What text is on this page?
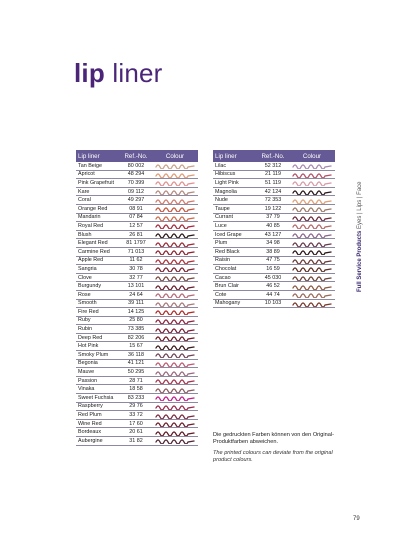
lip liner
Lip liner	Ref.-No.	Colour
Tan Beige	80 002
Apricot	48 294
Pink Grapefruit	70 399
Kare	09 112
Coral	49 297
Orange Red	08 91
Mandarin	07 84
Royal Red	12 57
Blush	26 81
Elegant Red	81 1797
Carmine Red	71 013
Apple Red	11 62
Sangria	30 78
Clove	32 77
Burgundy	13 101
Rose	24 64
Smooth	39 111
Fire Red	14 125
Ruby	25 80
Rubin	73 385
Deep Red	82 206
Hot Pink	15 67
Smoky Plum	36 118
Begonia	41 121
Mauve	50 295
Passion	28 71
Vinaka	18 58
Sweet Fuchsia	83 233
Raspberry	29 76
Red Plum	33 72
Wine Red	17 60
Bordeaux	20 61
Aubergine	31 82
Lip liner	Ref.-No.	Colour
Lilac	52 312
Hibiscus	21 119
Light Pink	51 119
Magnolia	42 124
Nude	72 353
Taupe	19 122
Currant	37 79
Luce	40 85
Iced Grape	43 127
Plum	34 98
Red Black	38 89
Raisin	47 75
Chocolat	16 59
Cacao	45 030
Brun Clair	46 52
Cote	44 74
Mahogany	10 103

Die gedruckten Farben können von den Original-Produktfarben abweichen.

The printed colours can deviate from the original product colours.

Full Service Products Eyes | Lips | Face
79
